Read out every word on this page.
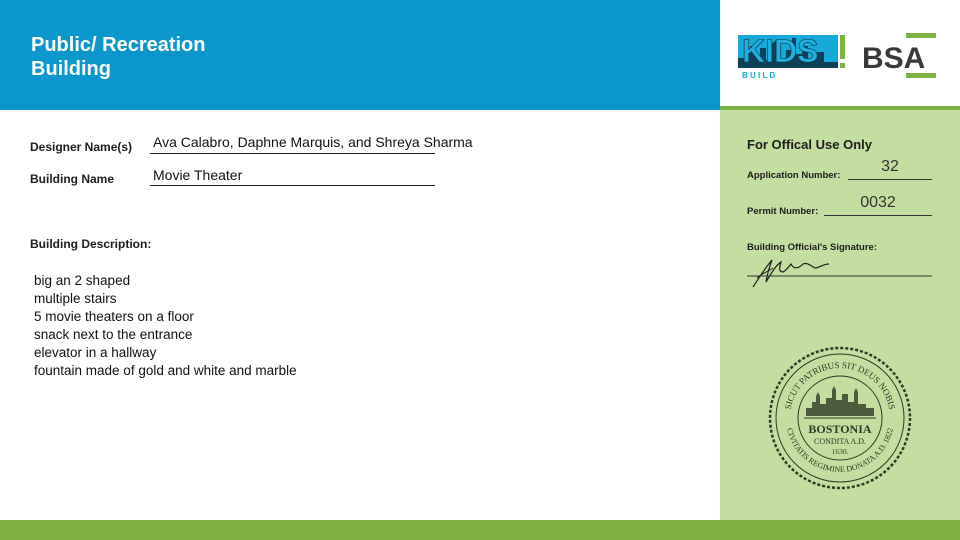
Public/ Recreation
Building	KIDS
B U I L D
BSA
Designer Name(s) Ava Calabro, Daphne Marquis, and Shreya Sharma
Building Name	Movie Theater
Building Description:
big an 2 shaped
multiple stairs
5 movie theaters on a floor
snack next to the entrance
elevator in a hallway
fountain made of gold and white and marble
For Offical Use Only
Application Number:
32
Permit Number:
0032
Building Official's Signature:
SICUT PATRIBUS SIT DEUS NOBIS
CIVITATIS REGIMINE DONATA A.D. 1822
BOSTONIA
CONDITA A.D.
1630.
